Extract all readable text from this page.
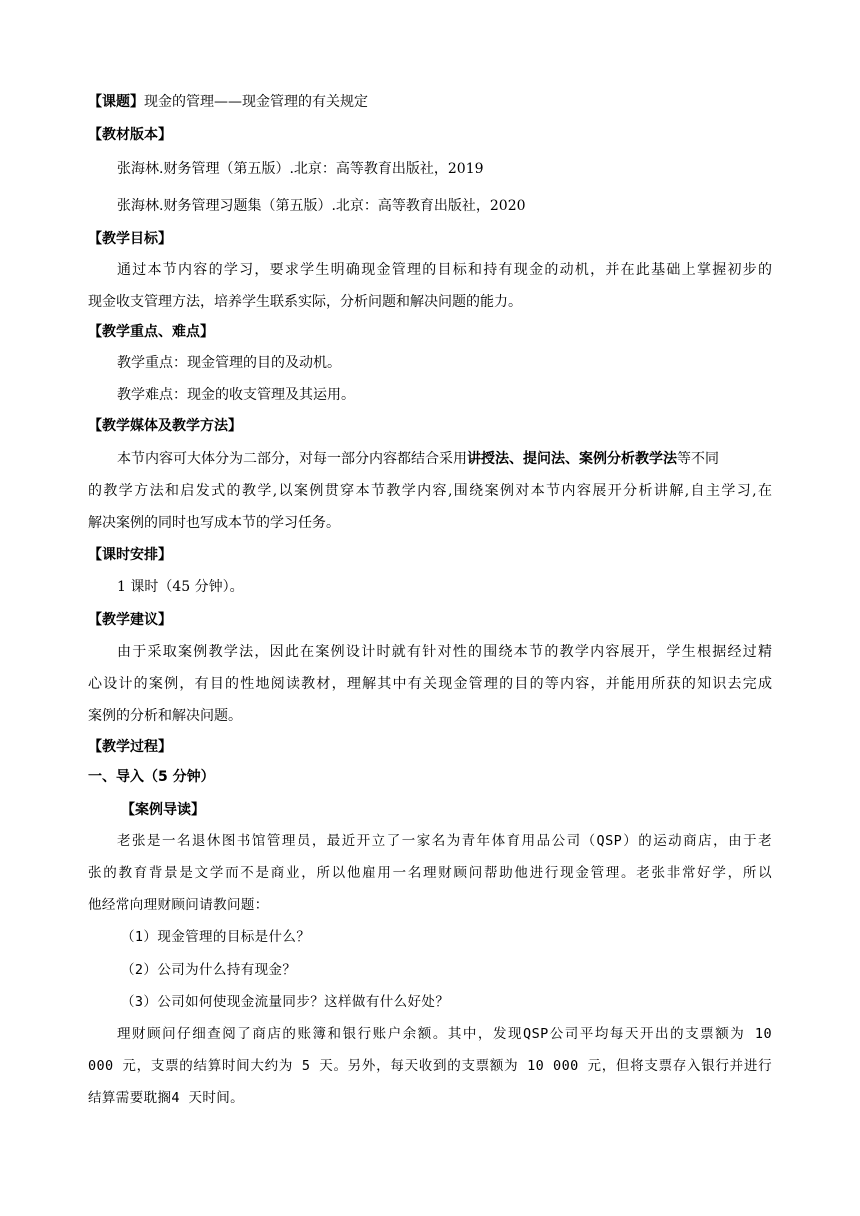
【课题】现金的管理——现金管理的有关规定
【教材版本】
张海林.财务管理（第五版）.北京：高等教育出版社，2019
张海林.财务管理习题集（第五版）.北京：高等教育出版社，2020
【教学目标】
通过本节内容的学习，要求学生明确现金管理的目标和持有现金的动机，并在此基础上掌握初步的
现金收支管理方法，培养学生联系实际，分析问题和解决问题的能力。
【教学重点、难点】
教学重点：现金管理的目的及动机。
教学难点：现金的收支管理及其运用。
【教学媒体及教学方法】
本节内容可大体分为二部分，对每一部分内容都结合采用讲授法、提问法、案例分析教学法等不同
的教学方法和启发式的教学,以案例贯穿本节教学内容,围绕案例对本节内容展开分析讲解,自主学习,在
解决案例的同时也写成本节的学习任务。
【课时安排】
1 课时（45 分钟）。
【教学建议】
由于采取案例教学法，因此在案例设计时就有针对性的围绕本节的教学内容展开，学生根据经过精
心设计的案例，有目的性地阅读教材，理解其中有关现金管理的目的等内容，并能用所获的知识去完成
案例的分析和解决问题。
【教学过程】
一、导入（5 分钟）
【案例导读】
老张是一名退休图书馆管理员，最近开立了一家名为青年体育用品公司（QSP）的运动商店，由于老
张的教育背景是文学而不是商业，所以他雇用一名理财顾问帮助他进行现金管理。老张非常好学，所以
他经常向理财顾问请教问题：
（1）现金管理的目标是什么？
（2）公司为什么持有现金？
（3）公司如何使现金流量同步？这样做有什么好处？
理财顾问仔细查阅了商店的账簿和银行账户余额。其中，发现QSP公司平均每天开出的支票额为 10
000 元，支票的结算时间大约为 5 天。另外，每天收到的支票额为 10 000 元，但将支票存入银行并进行
结算需要耽搁4 天时间。
